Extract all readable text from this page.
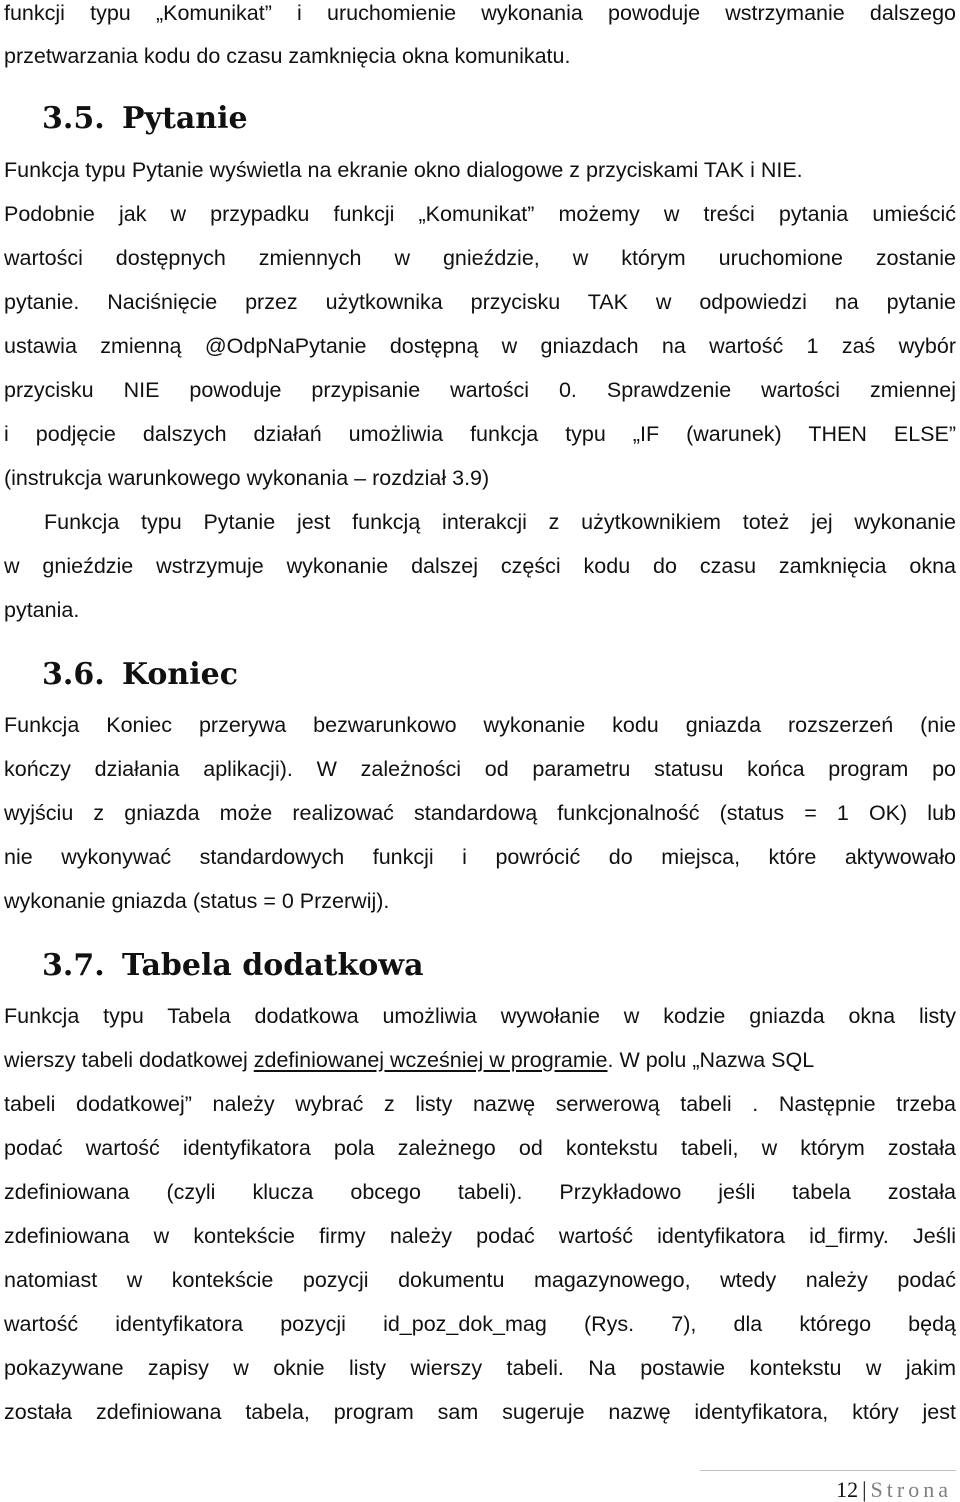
funkcji typu „Komunikat” i uruchomienie wykonania powoduje wstrzymanie dalszego
przetwarzania kodu do czasu zamknięcia okna komunikatu.
3.5. Pytanie
Funkcja typu Pytanie wyświetla na ekranie okno dialogowe z przyciskami TAK i NIE.
Podobnie jak w przypadku funkcji „Komunikat” możemy w treści pytania umieścić
wartości dostępnych zmiennych w gnieździe, w którym uruchomione zostanie
pytanie. Naciśnięcie przez użytkownika przycisku TAK w odpowiedzi na pytanie
ustawia zmienną @OdpNaPytanie dostępną w gniazdach na wartość 1 zaś wybór
przycisku NIE powoduje przypisanie wartości 0. Sprawdzenie wartości zmiennej
i podjęcie dalszych działań umożliwia funkcja typu „IF (warunek) THEN ELSE”
(instrukcja warunkowego wykonania – rozdział 3.9)
Funkcja typu Pytanie jest funkcją interakcji z użytkownikiem toteż jej wykonanie
w gnieździe wstrzymuje wykonanie dalszej części kodu do czasu zamknięcia okna
pytania.
3.6. Koniec
Funkcja Koniec przerywa bezwarunkowo wykonanie kodu gniazda rozszerzeń (nie
kończy działania aplikacji). W zależności od parametru statusu końca program po
wyjściu z gniazda może realizować standardową funkcjonalność (status = 1 OK) lub
nie wykonywać standardowych funkcji i powrócić do miejsca, które aktywowało
wykonanie gniazda (status = 0 Przerwij).
3.7. Tabela dodatkowa
Funkcja typu Tabela dodatkowa umożliwia wywołanie w kodzie gniazda okna listy
wierszy tabeli dodatkowej zdefiniowanej wcześniej w programie. W polu „Nazwa SQL
tabeli dodatkowej” należy wybrać z listy nazwę serwerową tabeli . Następnie trzeba
podać wartość identyfikatora pola zależnego od kontekstu tabeli, w którym została
zdefiniowana (czyli klucza obcego tabeli). Przykładowo jeśli tabela została
zdefiniowana w kontekście firmy należy podać wartość identyfikatora id_firmy. Jeśli
natomiast w kontekście pozycji dokumentu magazynowego, wtedy należy podać
wartość identyfikatora pozycji id_poz_dok_mag (Rys. 7), dla którego będą
pokazywane zapisy w oknie listy wierszy tabeli. Na postawie kontekstu w jakim
została zdefiniowana tabela, program sam sugeruje nazwę identyfikatora, który jest
12 | Strona
